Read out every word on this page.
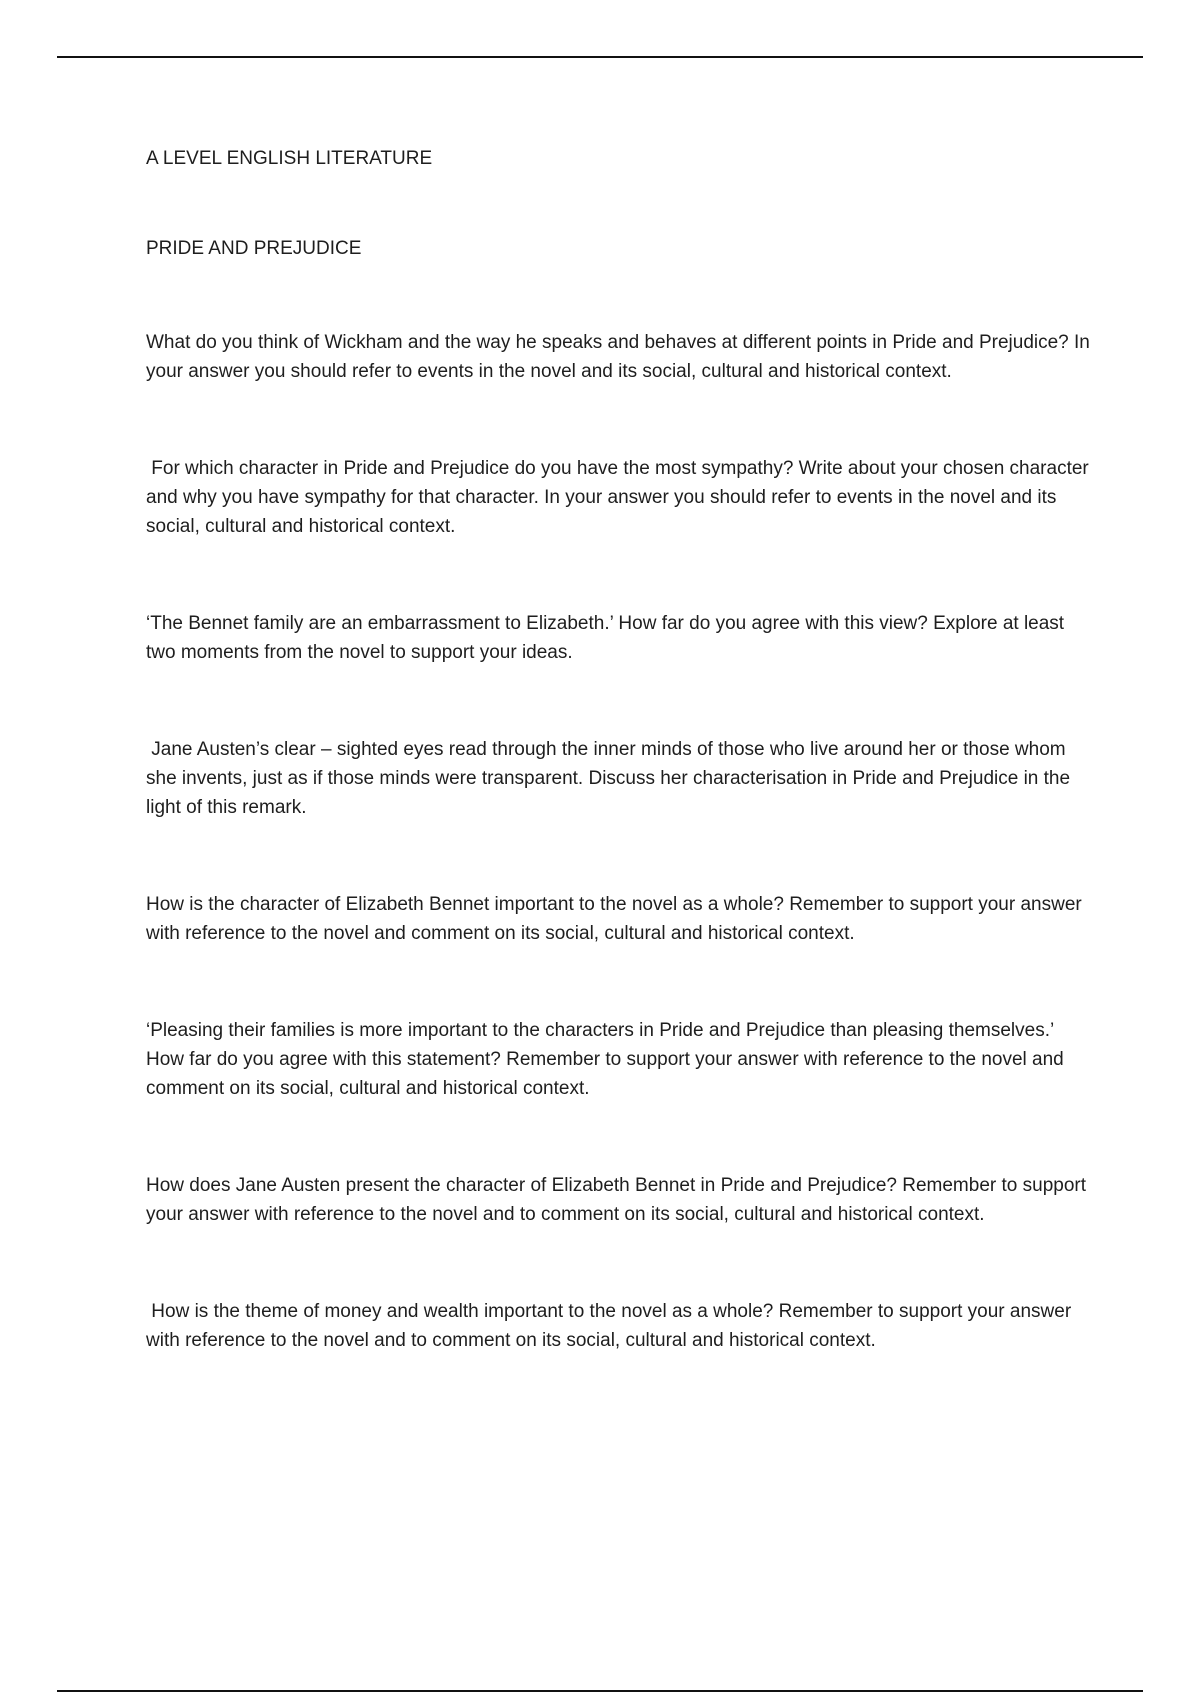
A LEVEL ENGLISH LITERATURE

PRIDE AND PREJUDICE

What do you think of Wickham and the way he speaks and behaves at different points in Pride and Prejudice? In your answer you should refer to events in the novel and its social, cultural and historical context.

For which character in Pride and Prejudice do you have the most sympathy? Write about your chosen character and why you have sympathy for that character. In your answer you should refer to events in the novel and its social, cultural and historical context.

‘The Bennet family are an embarrassment to Elizabeth.’ How far do you agree with this view? Explore at least two moments from the novel to support your ideas.

Jane Austen’s clear – sighted eyes read through the inner minds of those who live around her or those whom she invents, just as if those minds were transparent. Discuss her characterisation in Pride and Prejudice in the light of this remark.

How is the character of Elizabeth Bennet important to the novel as a whole? Remember to support your answer with reference to the novel and comment on its social, cultural and historical context.

‘Pleasing their families is more important to the characters in Pride and Prejudice than pleasing themselves.’ How far do you agree with this statement? Remember to support your answer with reference to the novel and comment on its social, cultural and historical context.

How does Jane Austen present the character of Elizabeth Bennet in Pride and Prejudice? Remember to support your answer with reference to the novel and to comment on its social, cultural and historical context.

How is the theme of money and wealth important to the novel as a whole? Remember to support your answer with reference to the novel and to comment on its social, cultural and historical context.
